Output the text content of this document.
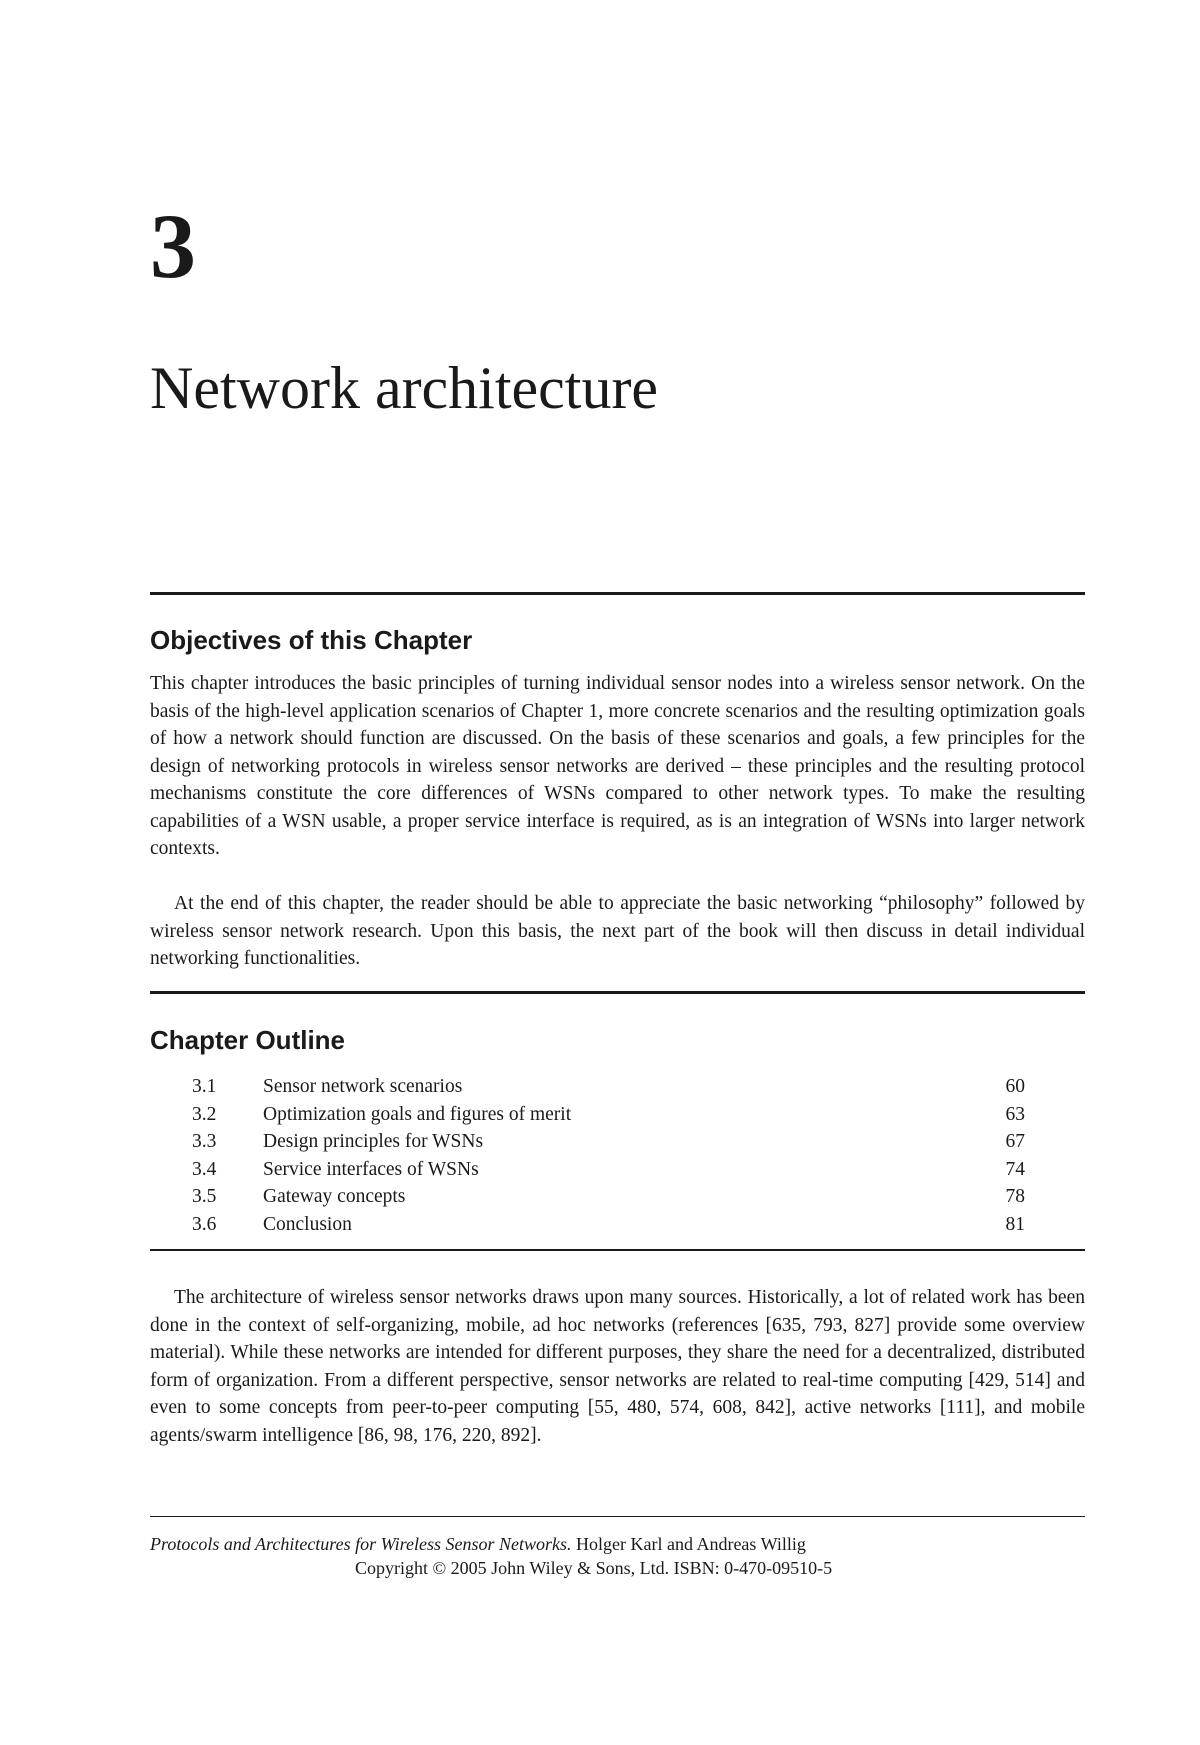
3
Network architecture
Objectives of this Chapter

This chapter introduces the basic principles of turning individual sensor nodes into a wireless sensor network. On the basis of the high-level application scenarios of Chapter 1, more concrete scenarios and the resulting optimization goals of how a network should function are discussed. On the basis of these scenarios and goals, a few principles for the design of networking protocols in wireless sensor networks are derived – these principles and the resulting protocol mechanisms constitute the core differences of WSNs compared to other network types. To make the resulting capabilities of a WSN usable, a proper service interface is required, as is an integration of WSNs into larger network contexts.

At the end of this chapter, the reader should be able to appreciate the basic networking “philosophy” followed by wireless sensor network research. Upon this basis, the next part of the book will then discuss in detail individual networking functionalities.

Chapter Outline
3.1 Sensor network scenarios	60
3.2 Optimization goals and figures of merit	63
3.3 Design principles for WSNs	67
3.4 Service interfaces of WSNs	74
3.5 Gateway concepts	78
3.6 Conclusion	81

The architecture of wireless sensor networks draws upon many sources. Historically, a lot of related work has been done in the context of self-organizing, mobile, ad hoc networks (references [635, 793, 827] provide some overview material). While these networks are intended for different purposes, they share the need for a decentralized, distributed form of organization. From a different perspective, sensor networks are related to real-time computing [429, 514] and even to some concepts from peer-to-peer computing [55, 480, 574, 608, 842], active networks [111], and mobile agents/swarm intelligence [86, 98, 176, 220, 892].

Protocols and Architectures for Wireless Sensor Networks. Holger Karl and Andreas Willig
Copyright © 2005 John Wiley & Sons, Ltd. ISBN: 0-470-09510-5
